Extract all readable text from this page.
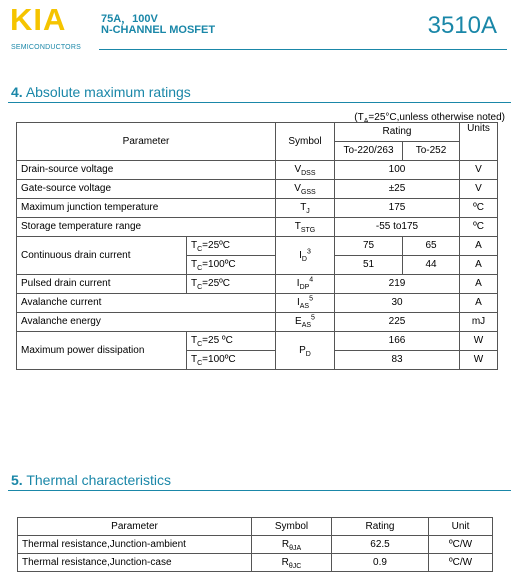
KIA
SEMICONDUCTORS
75A，100V
N-CHANNEL MOSFET	3510A
4. Absolute maximum ratings
($T_A=25^\circ C,unless$ otherwise noted)
Parameter		Symbol	Rating		Units
			To-220/263	To-252	
Drain-source voltage		$V_{DSS}$	100		V
Gate-source voltage		$V_{GSS}$	±25		V
Maximum junction temperature		$T_J$	175		ºC
Storage temperature range		$T_{STG}$	-55 to175		ºC
Continuous drain current	$T_C=25ºC$	$I_D^3$	75	65	A
	$T_C=100ºC$		51	44	A
Pulsed drain current	$T_C=25ºC$	$I_{DP}^4$	219		A
Avalanche current		$I_{AS}^5$	30		A
Avalanche energy		$E_{AS}^5$	225		mJ
Maximum power dissipation	$T_C=25$ ºC	$P_D$	166		W
	$T_C=100ºC$		83		W
5. Thermal characteristics
Parameter	Symbol	Rating	Unit
Thermal resistance,Junction-ambient	$R_{\theta JA}$	62.5	ºC/W
Thermal resistance,Junction-case	$R_{\theta JC}$	0.9	ºC/W
